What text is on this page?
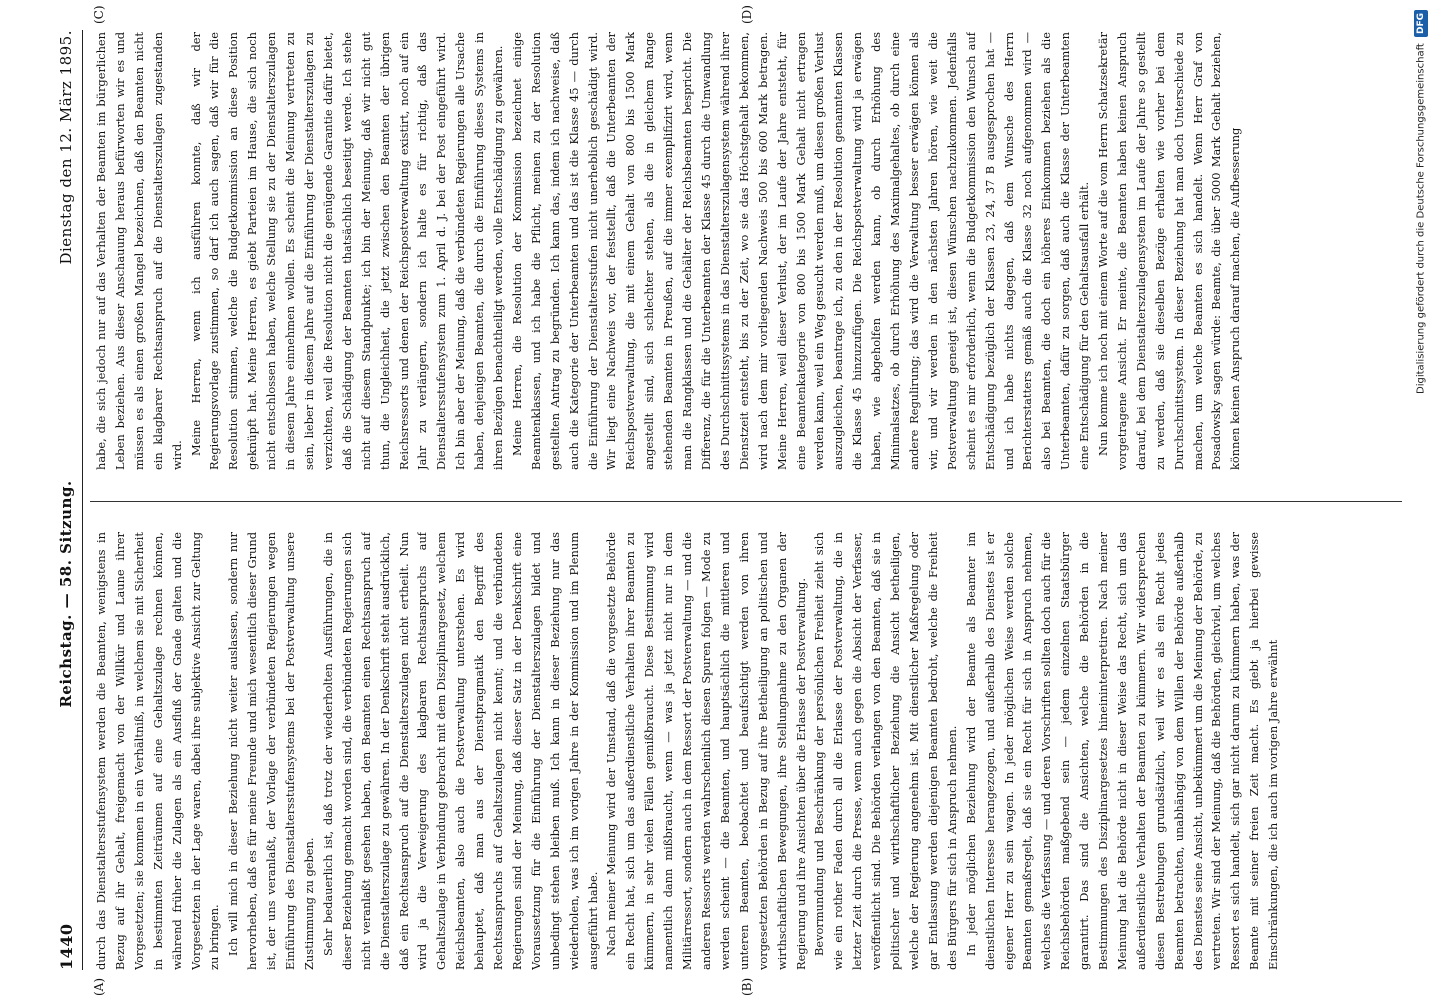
1440
Reichstag. — 58. Sitzung.
Dienstag den 12. März 1895.
(A)	(B)
(C)	(D)

durch das Dienstaltersstufensystem werden die Beamten, wenigstens in Bezug auf ihr Gehalt, freigemacht von der Willkür und Laune ihrer Vorgesetzten; sie kommen in ein Verhältniß, in welchem sie mit Sicherheit in bestimmten Zeiträumen auf eine Gehaltszulage rechnen können, während früher die Zulagen als ein Ausfluß der Gnade galten und die Vorgesetzten in der Lage waren, dabei ihre subjektive Ansicht zur Geltung zu bringen. Ich will mich in dieser Beziehung nicht weiter auslassen, sondern nur hervorheben, daß es für meine Freunde und mich wesentlich dieser Grund ist, der uns veranlaßt, der Vorlage der verbündeten Regierungen wegen Einführung des Dienstaltersstufensystems bei der Postverwaltung unsere Zustimmung zu geben. Sehr bedauerlich ist, daß trotz der wiederholten Ausführungen, die in dieser Beziehung gemacht worden sind, die verbündeten Regierungen sich nicht veranlaßt gesehen haben, den Beamten einen Rechtsanspruch auf die Dienstalterszulage zu gewähren. In der Denkschrift steht ausdrücklich, daß ein Rechtsanspruch auf die Dienstalterszulagen nicht ertheilt. Nun wird ja die Verweigerung des klagbaren Rechtsanspruchs auf Gehaltszulage in Verbindung gebracht mit dem Disziplinargesetz, welchem Reichsbeamten, also auch die Postverwaltung unterstehen. Es wird behauptet, daß man aus der Dienstpragmatik den Begriff des Rechtsanspruchs auf Gehaltszulagen nicht kennt; und die verbündeten Regierungen sind der Meinung, daß dieser Satz in der Denkschrift eine Voraussetzung für die Einführung der Dienstalterszulagen bildet und unbedingt stehen bleiben muß. Ich kann in dieser Beziehung nur das wiederholen, was ich im vorigen Jahre in der Kommission und im Plenum ausgeführt habe. Nach meiner Meinung wird der Umstand, daß die vorgesetzte Behörde ein Recht hat, sich um das außerdienstliche Verhalten ihrer Beamten zu kümmern, in sehr vielen Fällen gemißbraucht. Diese Bestimmung wird namentlich dann mißbraucht, wenn — was ja jetzt nicht nur in dem Militärressort, sondern auch in dem Ressort der Postverwaltung — und die anderen Ressorts werden wahrscheinlich diesen Spuren folgen — Mode zu werden scheint — die Beamten, und hauptsächlich die mittleren und unteren Beamten, beobachtet und beaufsichtigt werden von ihren vorgesetzten Behörden in Bezug auf ihre Betheiligung an politischen und wirthschaftlichen Bewegungen, ihre Stellungnahme zu den Organen der Regierung und ihre Ansichten über die Erlasse der Postverwaltung. Bevormundung und Beschränkung der persönlichen Freiheit zieht sich wie ein rother Faden durch all die Erlasse der Postverwaltung, die in letzter Zeit durch die Presse, wenn auch gegen die Absicht der Verfasser, veröffentlicht sind. Die Behörden verlangen von den Beamten, daß sie in politischer und wirthschaftlicher Beziehung die Ansicht betheiligen, welche der Regierung angenehm ist. Mit dienstlicher Maßregelung oder gar Entlassung werden diejenigen Beamten bedroht, welche die Freiheit des Bürgers für sich in Anspruch nehmen. In jeder möglichen Beziehung wird der Beamte als Beamter im dienstlichen Interesse herangezogen, und außerhalb des Dienstes ist er eigener Herr zu sein wagen. In jeder möglichen Weise werden solche Beamten gemaßregelt, daß sie ein Recht für sich in Anspruch nehmen, welches die Verfassung — und deren Vorschriften sollten doch auch für die Reichsbehörden maßgebend sein — jedem einzelnen Staatsbürger garantirt. Das sind die Ansichten, welche die Behörden in die Bestimmungen des Disziplinargesetzes hineininterpretiren. Nach meiner Meinung hat die Behörde nicht in dieser Weise das Recht, sich um das außerdienstliche Verhalten der Beamten zu kümmern. Wir widersprechen diesen Bestrebungen grundsätzlich, weil wir es als ein Recht jedes Beamten betrachten, unabhängig von dem Willen der Behörde außerhalb des Dienstes seine Ansicht, unbekümmert um die Meinung der Behörde, zu vertreten. Wir sind der Meinung, daß die Behörden, gleichviel, um welches Ressort es sich handelt, sich gar nicht darum zu kümmern haben, was der Beamte mit seiner freien Zeit macht. Es giebt ja hierbei gewisse Einschränkungen, die ich auch im vorigen Jahre erwähnt

habe, die sich jedoch nur auf das Verhalten der Beamten im bürgerlichen Leben beziehen. Aus dieser Anschauung heraus befürworten wir es und müssen es als einen großen Mangel bezeichnen, daß den Beamten nicht ein klagbarer Rechtsanspruch auf die Dienstalterszulagen zugestanden wird. Meine Herren, wenn ich ausführen konnte, daß wir der Regierungsvorlage zustimmen, so darf ich auch sagen, daß wir für die Resolution stimmen, welche die Budgetkommission an diese Position geknüpft hat. Meine Herren, es giebt Parteien im Hause, die sich noch nicht entschlossen haben, welche Stellung sie zu der Dienstalterszulagen in diesem Jahre einnehmen wollen. Es scheint die Meinung vertreten zu sein, lieber in diesem Jahre auf die Einführung der Dienstalterszulagen zu verzichten, weil die Resolution nicht die genügende Garantie dafür bietet, daß die Schädigung der Beamten thatsächlich beseitigt werde. Ich stehe nicht auf diesem Standpunkte; ich bin der Meinung, daß wir nicht gut thun, die Ungleichheit, die jetzt zwischen den Beamten der übrigen Reichsressorts und denen der Reichspostverwaltung existirt, noch auf ein Jahr zu verlängern, sondern ich halte es für richtig, daß das Dienstaltersstufensystem zum 1. April d. J. bei der Post eingeführt wird. Ich bin aber der Meinung, daß die verbündeten Regierungen alle Ursache haben, denjenigen Beamten, die durch die Einführung dieses Systems in ihren Bezügen benachtheiligt werden, volle Entschädigung zu gewähren. Meine Herren, die Resolution der Kommission bezeichnet einige Beamtenklassen, und ich habe die Pflicht, meinen zu der Resolution gestellten Antrag zu begründen. Ich kann das, indem ich nachweise, daß auch die Kategorie der Unterbeamten und das ist die Klasse 45 — durch die Einführung der Dienstaltersstufen nicht unerheblich geschädigt wird. Wir liegt eine Nachweis vor, der feststellt, daß die Unterbeamten der Reichspostverwaltung, die mit einem Gehalt von 800 bis 1500 Mark angestellt sind, sich schlechter stehen, als die in gleichem Range stehenden Beamten in Preußen, auf die immer exemplifizirt wird, wenn man die Rangklassen und die Gehälter der Reichsbeamten bespricht. Die Differenz, die für die Unterbeamten der Klasse 45 durch die Umwandlung des Durchschnittssystems in das Dienstalterszulagensystem während ihrer Dienstzeit entsteht, bis zu der Zeit, wo sie das Höchstgehalt bekommen, wird nach dem mir vorliegenden Nachweis 500 bis 600 Mark betragen. Meine Herren, weil dieser Verlust, der im Laufe der Jahre entsteht, für eine Beamtenkategorie von 800 bis 1500 Mark Gehalt nicht ertragen werden kann, weil ein Weg gesucht werden muß, um diesen großen Verlust auszugleichen, beantrage ich, zu den in der Resolution genannten Klassen die Klasse 45 hinzuzufügen. Die Reichspostverwaltung wird ja erwägen haben, wie abgeholfen werden kann, ob durch Erhöhung des Minimalsatzes, ob durch Erhöhung des Maximalgehaltes, ob durch eine andere Regulirung; das wird die Verwaltung besser erwägen können als wir, und wir werden in den nächsten Jahren hören, wie weit die Postverwaltung geneigt ist, diesen Wünschen nachzukommen. Jedenfalls scheint es mir erforderlich, wenn die Budgetkommission den Wunsch auf Entschädigung bezüglich der Klassen 23, 24, 37 B ausgesprochen hat — und ich habe nichts dagegen, daß dem Wunsche des Herrn Berichterstatters gemäß auch die Klasse 32 noch aufgenommen wird — also bei Beamten, die doch ein höheres Einkommen beziehen als die Unterbeamten, dafür zu sorgen, daß auch die Klasse der Unterbeamten eine Entschädigung für den Gehaltsausfall erhält. Nun komme ich noch mit einem Worte auf die vom Herrn Schatzsekretär vorgetragene Ansicht. Er meinte, die Beamten haben keinen Anspruch darauf, bei dem Dienstalterszulagensystem im Laufe der Jahre so gestellt zu werden, daß sie dieselben Bezüge erhalten wie vorher bei dem Durchschnittssystem. In dieser Beziehung hat man doch Unterschiede zu machen, um welche Beamten es sich handelt. Wenn Herr Graf von Posadowsky sagen würde: Beamte, die über 5000 Mark Gehalt beziehen, können keinen Anspruch darauf machen, die Aufbesserung	Digitalisierung gefördert durch die Deutsche Forschungsgemeinschaft
DFG
